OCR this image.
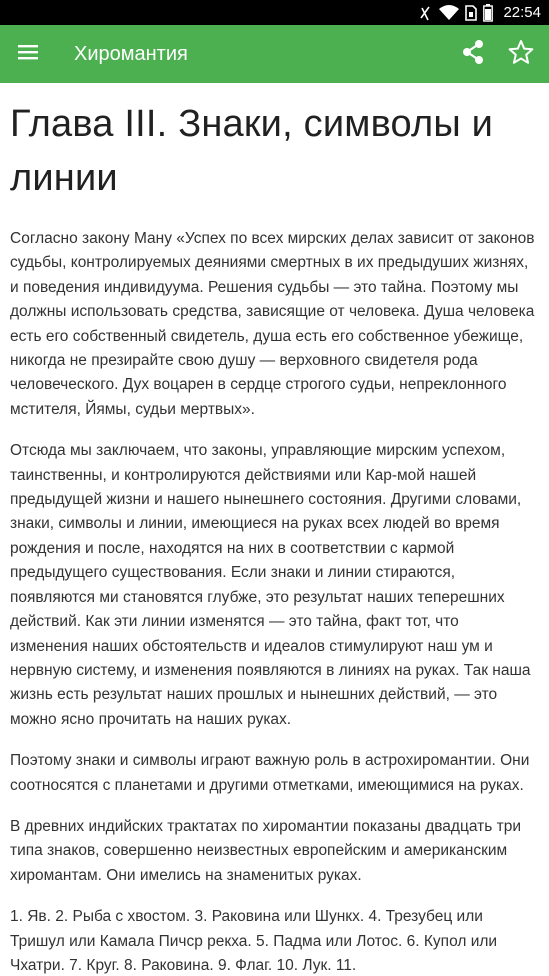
22:54
Хиромантия
Глава III. Знаки, символы и линии

Согласно закону Ману «Успех по всех мирских делах зависит от законов судьбы, контролируемых деяниями смертных в их предыдуших жизнях, и поведения индивидуума. Решения судьбы — это тайна. Поэтому мы должны использовать средства, зависящие от человека. Душа человека есть его собственный свидетель, душа есть его собственное убежище, никогда не презирайте свою душу — верховного свидетеля рода человеческого. Дух воцарен в сердце строгого судьи, непреклонного мстителя, Йямы, судьи мертвых».

Отсюда мы заключаем, что законы, управляющие мирским успехом, таинственны, и контролируются действиями или Кар-мой нашей предыдущей жизни и нашего нынешнего состояния. Другими словами, знаки, символы и линии, имеющиеся на руках всех людей во время рождения и после, находятся на них в соответствии с кармой предыдущего существования. Если знаки и линии стираются, появляются ми становятся глубже, это результат наших теперешних действий. Как эти линии изменятся — это тайна, факт тот, что изменения наших обстоятельств и идеалов стимулируют наш ум и нервную систему, и изменения появляются в линиях на руках. Так наша жизнь есть результат наших прошлых и нынешних действий, — это можно ясно прочитать на наших руках.

Поэтому знаки и символы играют важную роль в астрохиромантии. Они соотносятся с планетами и другими отметками, имеющимися на руках.

В древних индийских трактатах по хиромантии показаны двадцать три типа знаков, совершенно неизвестных европейским и американским хиромантам. Они имелись на знаменитых руках.

1. Яв. 2. Рыба с хвостом. 3. Раковина или Шункх. 4. Трезубец или Тришул или Камала Пичср рекха. 5. Падма или Лотос. 6. Купол или Чхатри. 7. Круг. 8. Раковина. 9. Флаг. 10. Лук. 11.
